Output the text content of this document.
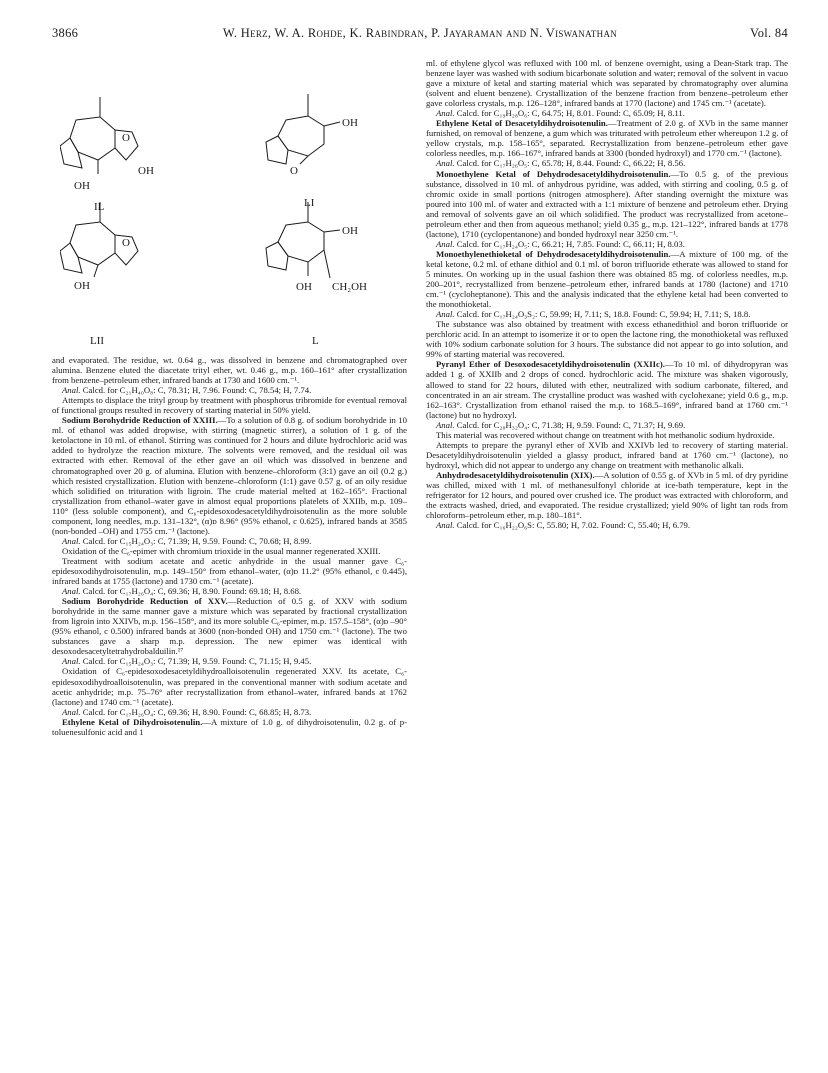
3866	W. Herz, W. A. Rohde, K. Rabindran, P. Jayaraman and N. Viswanathan	Vol. 84
O
OH
OH
IL
OH
O
LI
O
OH
LII
OH
OH CH₂OH
L

and evaporated. The residue, wt. 0.64 g., was dissolved in benzene and chromatographed over alumina. Benzene eluted the diacetate trityl ether, wt. 0.46 g., m.p. 160–161° after crystallization from benzene–petroleum ether, infrared bands at 1730 and 1600 cm.⁻¹.

Anal. Calcd. for C₂₁H₄₀O₈: C, 78.31; H, 7.96. Found: C, 78.54; H, 7.74.

Attempts to displace the trityl group by treatment with phosphorus tribromide for eventual removal of functional groups resulted in recovery of starting material in 50% yield.

Sodium Borohydride Reduction of XXIII.—To a solution of 0.8 g. of sodium borohydride in 10 ml. of ethanol was added dropwise, with stirring (magnetic stirrer), a solution of 1 g. of the ketolactone in 10 ml. of ethanol. Stirring was continued for 2 hours and dilute hydrochloric acid was added to hydrolyze the reaction mixture. The solvents were removed, and the residual oil was extracted with ether. Removal of the ether gave an oil which was dissolved in benzene and chromatographed over 20 g. of alumina. Elution with benzene–chloroform (3:1) gave an oil (0.2 g.) which resisted crystallization. Elution with benzene–chloroform (1:1) gave 0.57 g. of an oily residue which solidified on trituration with ligroin. The crude material melted at 162–165°. Fractional crystallization from ethanol–water gave in almost equal proportions platelets of XXIIb, m.p. 109–110° (less soluble component), and C₆-epidesoxodesacetyldihydroisotenulin as the more soluble component, long needles, m.p. 131–132°, (α)ᴅ 8.96° (95% ethanol, c 0.625), infrared bands at 3585 (non-bonded –OH) and 1755 cm.⁻¹ (lactone).

Anal. Calcd. for C₁₅H₂₄O₃: C, 71.39; H, 9.59. Found: C, 70.68; H, 8.99.

Oxidation of the C₆-epimer with chromium trioxide in the usual manner regenerated XXIII.

Treatment with sodium acetate and acetic anhydride in the usual manner gave C₆-epidesoxodihydroisotenulin, m.p. 149–150° from ethanol–water, (α)ᴅ 11.2° (95% ethanol, c 0.445), infrared bands at 1755 (lactone) and 1730 cm.⁻¹ (acetate).

Anal. Calcd. for C₁₇H₂₆O₄: C, 69.36; H, 8.90. Found: 69.18; H, 8.68.

Sodium Borohydride Reduction of XXV.—Reduction of 0.5 g. of XXV with sodium borohydride in the same manner gave a mixture which was separated by fractional crystallization from ligroin into XXIVb, m.p. 156–158°, and its more soluble C₆-epimer, m.p. 157.5–158°, (α)ᴅ –90° (95% ethanol, c 0.500) infrared bands at 3600 (non-bonded OH) and 1750 cm.⁻¹ (lactone). The two substances gave a sharp m.p. depression. The new epimer was identical with desoxodesacetyltetrahydrobalduilin.¹⁷

Anal. Calcd. for C₁₅H₂₄O₃: C, 71.39; H, 9.59. Found: C, 71.15; H, 9.45.

Oxidation of C₆-epidesoxodesacetyldihydroalloisotenulin regenerated XXV. Its acetate, C₆-epidesoxodihydroalloisotenulin, was prepared in the conventional manner with sodium acetate and acetic anhydride; m.p. 75–76° after recrystallization from ethanol–water, infrared bands at 1762 (lactone) and 1740 cm.⁻¹ (acetate).

Anal. Calcd. for C₁₇H₂₆O₄: C, 69.36; H, 8.90. Found: C, 68.85; H, 8.73.

Ethylene Ketal of Dihydroisotenulin.—A mixture of 1.0 g. of dihydroisotenulin, 0.2 g. of p-toluenesulfonic acid and 1

ml. of ethylene glycol was refluxed with 100 ml. of benzene overnight, using a Dean-Stark trap. The benzene layer was washed with sodium bicarbonate solution and water; removal of the solvent in vacuo gave a mixture of ketal and starting material which was separated by chromatography over alumina (solvent and eluent benzene). Crystallization of the benzene fraction from benzene–petroleum ether gave colorless crystals, m.p. 126–128°, infrared bands at 1770 (lactone) and 1745 cm.⁻¹ (acetate).

Anal. Calcd. for C₁₉H₂₈O₆: C, 64.75; H, 8.01. Found: C, 65.09; H, 8.11.

Ethylene Ketal of Desacetyldihydroisotenulin.—Treatment of 2.0 g. of XVb in the same manner furnished, on removal of benzene, a gum which was triturated with petroleum ether whereupon 1.2 g. of yellow crystals, m.p. 158–165°, separated. Recrystallization from benzene–petroleum ether gave colorless needles, m.p. 166–167°, infrared bands at 3300 (bonded hydroxyl) and 1770 cm.⁻¹ (lactone).

Anal. Calcd. for C₁₇H₂₆O₅: C, 65.78; H, 8.44. Found: C, 66.22; H, 8.56.

Monoethylene Ketal of Dehydrodesacetyldihydroisotenulin.—To 0.5 g. of the previous substance, dissolved in 10 ml. of anhydrous pyridine, was added, with stirring and cooling, 0.5 g. of chromic oxide in small portions (nitrogen atmosphere). After standing overnight the mixture was poured into 100 ml. of water and extracted with a 1:1 mixture of benzene and petroleum ether. Drying and removal of solvents gave an oil which solidified. The product was recrystallized from acetone–petroleum ether and then from aqueous methanol; yield 0.35 g., m.p. 121–122°, infrared bands at 1778 (lactone), 1710 (cyclopentanone) and bonded hydroxyl near 3250 cm.⁻¹.

Anal. Calcd. for C₁₇H₂₄O₅: C, 66.21; H, 7.85. Found: C, 66.11; H, 8.03.

Monoethylenethioketal of Dehydrodesacetyldihydroisotenulin.—A mixture of 100 mg. of the ketal ketone, 0.2 ml. of ethane dithiol and 0.1 ml. of boron trifluoride etherate was allowed to stand for 5 minutes. On working up in the usual fashion there was obtained 85 mg. of colorless needles, m.p. 200–201°, recrystallized from benzene–petroleum ether, infrared bands at 1780 (lactone) and 1710 cm.⁻¹ (cycloheptanone). This and the analysis indicated that the ethylene ketal had been converted to the monothioketal.

Anal. Calcd. for C₁₇H₂₄O₃S₂: C, 59.99; H, 7.11; S, 18.8. Found: C, 59.94; H, 7.11; S, 18.8.

The substance was also obtained by treatment with excess ethanedithiol and boron trifluoride or perchloric acid. In an attempt to isomerize it or to open the lactone ring, the monothioketal was refluxed with 10% sodium carbonate solution for 3 hours. The substance did not appear to go into solution, and 99% of starting material was recovered.

Pyranyl Ether of Desoxodesacetyldihydroisotenulin (XXIIc).—To 10 ml. of dihydropyran was added 1 g. of XXIIb and 2 drops of concd. hydrochloric acid. The mixture was shaken vigorously, allowed to stand for 22 hours, diluted with ether, neutralized with sodium carbonate, filtered, and concentrated in an air stream. The crystalline product was washed with cyclohexane; yield 0.6 g., m.p. 162–163°. Crystallization from ethanol raised the m.p. to 168.5–169°, infrared band at 1760 cm.⁻¹ (lactone) but no hydroxyl.

Anal. Calcd. for C₂₀H₃₂O₄: C, 71.38; H, 9.59. Found: C, 71.37; H, 9.69.

This material was recovered without change on treatment with hot methanolic sodium hydroxide.

Attempts to prepare the pyranyl ether of XVIb and XXIVb led to recovery of starting material. Desacetyldihydroisotenulin yielded a glassy product, infrared band at 1760 cm.⁻¹ (lactone), no hydroxyl, which did not appear to undergo any change on treatment with methanolic alkali.

Anhydrodesacetyldihydroisotenulin (XIX).—A solution of 0.55 g. of XVb in 5 ml. of dry pyridine was chilled, mixed with 1 ml. of methanesulfonyl chloride at ice-bath temperature, kept in the refrigerator for 12 hours, and poured over crushed ice. The product was extracted with chloroform, and the extracts washed, dried, and evaporated. The residue crystallized; yield 90% of light tan rods from chloroform–petroleum ether, m.p. 180–181°.

Anal. Calcd. for C₁₆H₂₂O₆S: C, 55.80; H, 7.02. Found: C, 55.40; H, 6.79.
